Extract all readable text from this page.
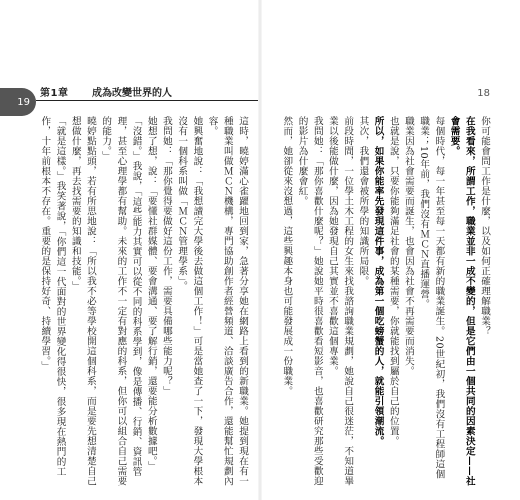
19
第1章 成為改變世界的人

這時，曉婷滿心雀躍地回到家，急著分享她在網路上看到的新職業。她提到現在有一種職業叫做ＭＣＮ機構，專門協助創作者經營頻道、洽談廣告合作，還能幫忙規劃內容。

她興奮地說：「我想讀完大學後去做這個工作！」可是當她查了一下，發現大學根本沒有一個科系叫做「ＭＣＮ管理學系」。

我問她：「那你覺得要做好這份工作，需要具備哪些能力呢？」

她想了想，說：「要懂社群媒體、要會溝通、要了解行銷，還要能分析數據吧。」

「沒錯。」我說，「這些能力其實可以從不同的科系學到，像是傳播、行銷、資訊管理，甚至心理學都有幫助。未來的工作不一定有對應的科系，但你可以組合自己需要的能力。」

曉婷點點頭，若有所思地說：「所以我不必等學校開這個科系，而是要先想清楚自己想做什麼，再去找需要的知識和技能。」

「就是這樣。」我笑著說，「你們這一代面對的世界變化得很快，很多現在熱門的工作，十年前根本不存在。重要的是保持好奇、持續學習。」

18

你可能會問工作是什麼，以及如何正確理解職業？

在我看來，所謂工作，職業並非一成不變的，但是它們由一個共同的因素決定——社會需要。

每個時代，每一年甚至每一天都有新的職業誕生。20世紀初，我們沒有工程師這個職業；10年前，我們沒有ＭＣＮ直播運營。

職業因為社會需要而誕生，也會因為社會不再需要而消失。

也就是說，只要你能夠滿足社會的某種需要，你就能找到屬於自己的位置。

所以，如果你能率先發現這件事，成為第一個吃螃蟹的人，就能引領潮流。

其次，我們還會被所學的知識所局限。

前段時間，一位學土木工程的女生來找我諮詢職業規劃，她說自己很迷茫，不知道畢業以後能做什麼，因為她發現自己其實並不喜歡這個專業。

我問她：「那你喜歡什麼呢？」她說她平時很喜歡看短影音，也喜歡研究那些受歡迎的影片為什麼會紅。

然而，她卻從來沒想過，這些興趣本身也可能發展成一份職業。
